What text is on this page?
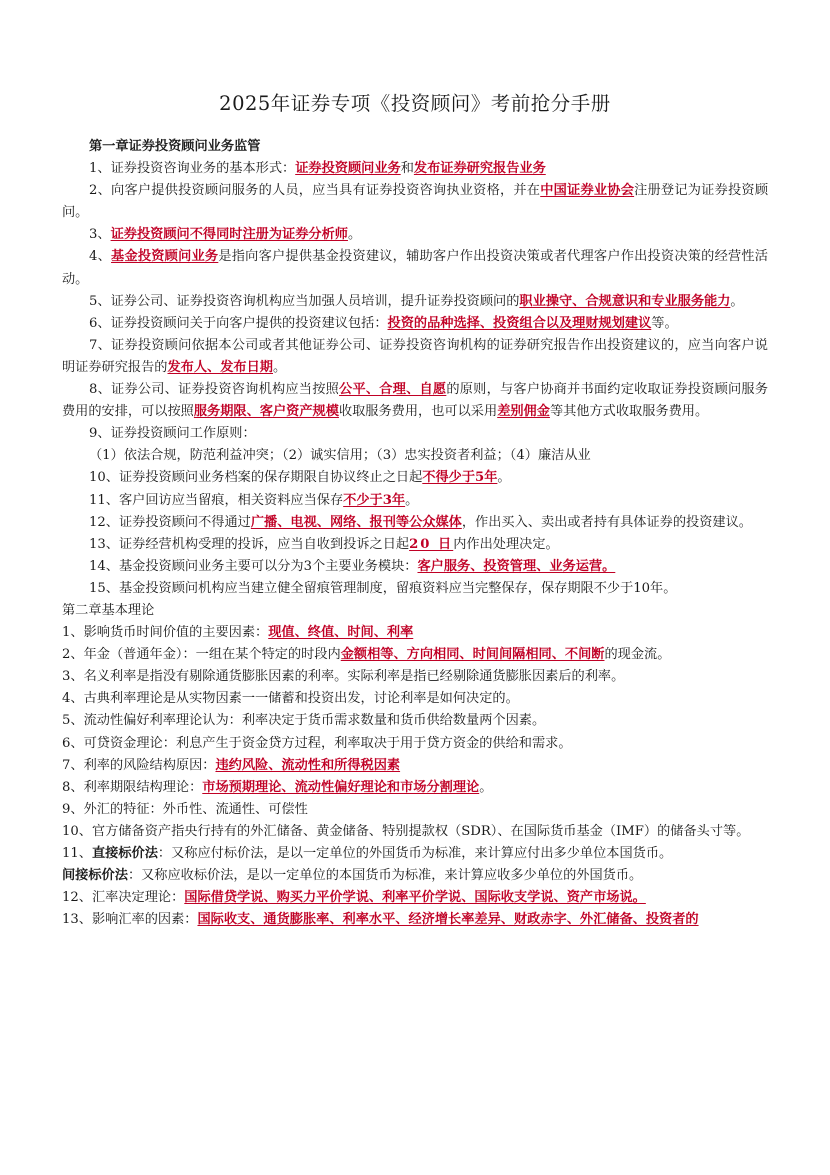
2025年证券专项《投资顾问》考前抢分手册

第一章证券投资顾问业务监管

1、证券投资咨询业务的基本形式：证券投资顾问业务和发布证券研究报告业务

2、向客户提供投资顾问服务的人员，应当具有证券投资咨询执业资格，并在中国证券业协会注册登记为证券投资顾问。

3、证券投资顾问不得同时注册为证券分析师。

4、基金投资顾问业务是指向客户提供基金投资建议，辅助客户作出投资决策或者代理客户作出投资决策的经营性活动。

5、证券公司、证券投资咨询机构应当加强人员培训，提升证券投资顾问的职业操守、合规意识和专业服务能力。

6、证券投资顾问关于向客户提供的投资建议包括：投资的品种选择、投资组合以及理财规划建议等。

7、证券投资顾问依据本公司或者其他证券公司、证券投资咨询机构的证券研究报告作出投资建议的，应当向客户说明证券研究报告的发布人、发布日期。

8、证券公司、证券投资咨询机构应当按照公平、合理、自愿的原则，与客户协商并书面约定收取证券投资顾问服务费用的安排，可以按照服务期限、客户资产规模收取服务费用，也可以采用差别佣金等其他方式收取服务费用。

9、证券投资顾问工作原则：

（1）依法合规，防范利益冲突；（2）诚实信用；（3）忠实投资者利益；（4）廉洁从业

10、证券投资顾问业务档案的保存期限自协议终止之日起不得少于5年。

11、客户回访应当留痕，相关资料应当保存不少于3年。

12、证券投资顾问不得通过广播、电视、网络、报刊等公众媒体，作出买入、卖出或者持有具体证券的投资建议。

13、证券经营机构受理的投诉，应当自收到投诉之日起20 日内作出处理决定。

14、基金投资顾问业务主要可以分为3个主要业务模块：客户服务、投资管理、业务运营。

15、基金投资顾问机构应当建立健全留痕管理制度，留痕资料应当完整保存，保存期限不少于10年。

第二章基本理论

1、影响货币时间价值的主要因素：现值、终值、时间、利率

2、年金（普通年金）：一组在某个特定的时段内金额相等、方向相同、时间间隔相同、不间断的现金流。

3、名义利率是指没有剔除通货膨胀因素的利率。实际利率是指已经剔除通货膨胀因素后的利率。

4、古典利率理论是从实物因素一一储蓄和投资出发，讨论利率是如何决定的。

5、流动性偏好利率理论认为：利率决定于货币需求数量和货币供给数量两个因素。

6、可贷资金理论：利息产生于资金贷方过程，利率取决于用于贷方资金的供给和需求。

7、利率的风险结构原因：违约风险、流动性和所得税因素

8、利率期限结构理论：市场预期理论、流动性偏好理论和市场分割理论。

9、外汇的特征：外币性、流通性、可偿性

10、官方储备资产指央行持有的外汇储备、黄金储备、特别提款权（SDR）、在国际货币基金（IMF）的储备头寸等。

11、直接标价法：又称应付标价法，是以一定单位的外国货币为标准，来计算应付出多少单位本国货币。

间接标价法：又称应收标价法，是以一定单位的本国货币为标准，来计算应收多少单位的外国货币。

12、汇率决定理论：国际借贷学说、购买力平价学说、利率平价学说、国际收支学说、资产市场说。

13、影响汇率的因素：国际收支、通货膨胀率、利率水平、经济增长率差异、财政赤字、外汇储备、投资者的
